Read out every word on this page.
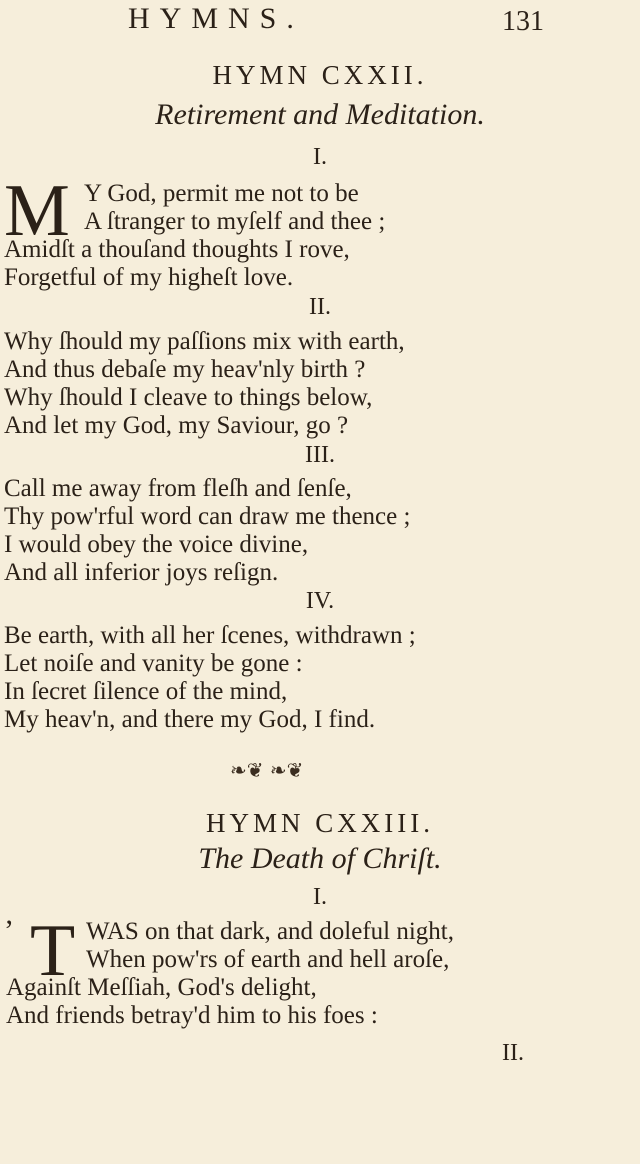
HYMNS.	131
HYMN CXXII.
Retirement and Meditation.
I.
M Y God, permit me not to be
A ſtranger to myſelf and thee ;
Amidſt a thouſand thoughts I rove,
Forgetful of my higheſt love.
II.
Why ſhould my paſſions mix with earth,
And thus debaſe my heav'nly birth ?
Why ſhould I cleave to things below,
And let my God, my Saviour, go ?
III.
Call me away from fleſh and ſenſe,
Thy pow'rful word can draw me thence ;
I would obey the voice divine,
And all inferior joys reſign.
IV.
Be earth, with all her ſcenes, withdrawn ;
Let noiſe and vanity be gone :
In ſecret ſilence of the mind,
My heav'n, and there my God, I find.
❧❦ ❧❦
HYMN CXXIII.
The Death of Chriſt.
I.
’ T WAS on that dark, and doleful night,
When pow'rs of earth and hell aroſe,
Againſt Meſſiah, God's delight,
And friends betray'd him to his foes :
II.
